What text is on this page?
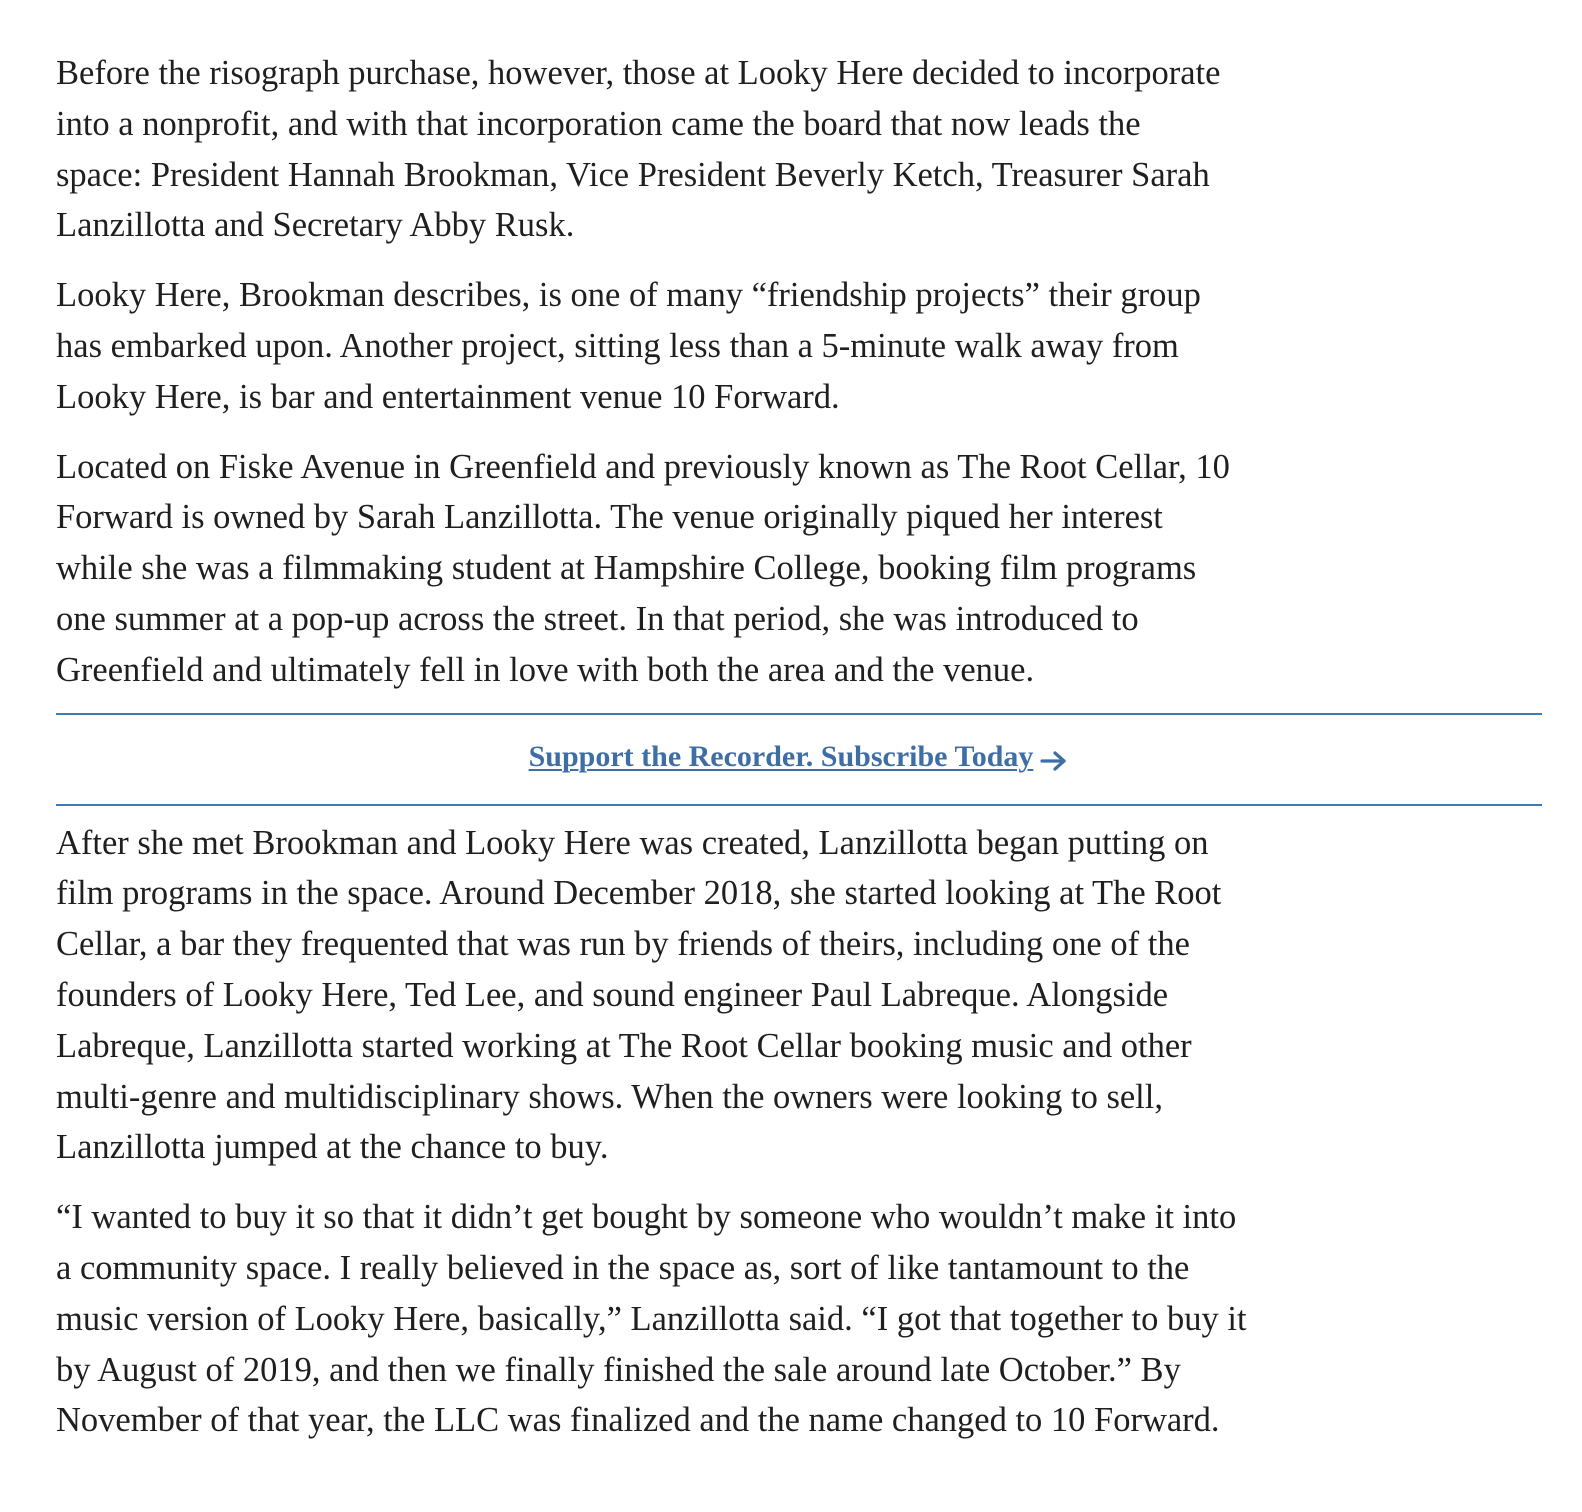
Before the risograph purchase, however, those at Looky Here decided to incorporate
into a nonprofit, and with that incorporation came the board that now leads the
space: President Hannah Brookman, Vice President Beverly Ketch, Treasurer Sarah
Lanzillotta and Secretary Abby Rusk.

Looky Here, Brookman describes, is one of many “friendship projects” their group
has embarked upon. Another project, sitting less than a 5-minute walk away from
Looky Here, is bar and entertainment venue 10 Forward.

Located on Fiske Avenue in Greenfield and previously known as The Root Cellar, 10
Forward is owned by Sarah Lanzillotta. The venue originally piqued her interest
while she was a filmmaking student at Hampshire College, booking film programs
one summer at a pop-up across the street. In that period, she was introduced to
Greenfield and ultimately fell in love with both the area and the venue.

Support the Recorder. Subscribe Today

After she met Brookman and Looky Here was created, Lanzillotta began putting on
film programs in the space. Around December 2018, she started looking at The Root
Cellar, a bar they frequented that was run by friends of theirs, including one of the
founders of Looky Here, Ted Lee, and sound engineer Paul Labreque. Alongside
Labreque, Lanzillotta started working at The Root Cellar booking music and other
multi-genre and multidisciplinary shows. When the owners were looking to sell,
Lanzillotta jumped at the chance to buy.

“I wanted to buy it so that it didn’t get bought by someone who wouldn’t make it into
a community space. I really believed in the space as, sort of like tantamount to the
music version of Looky Here, basically,” Lanzillotta said. “I got that together to buy it
by August of 2019, and then we finally finished the sale around late October.” By
November of that year, the LLC was finalized and the name changed to 10 Forward.
